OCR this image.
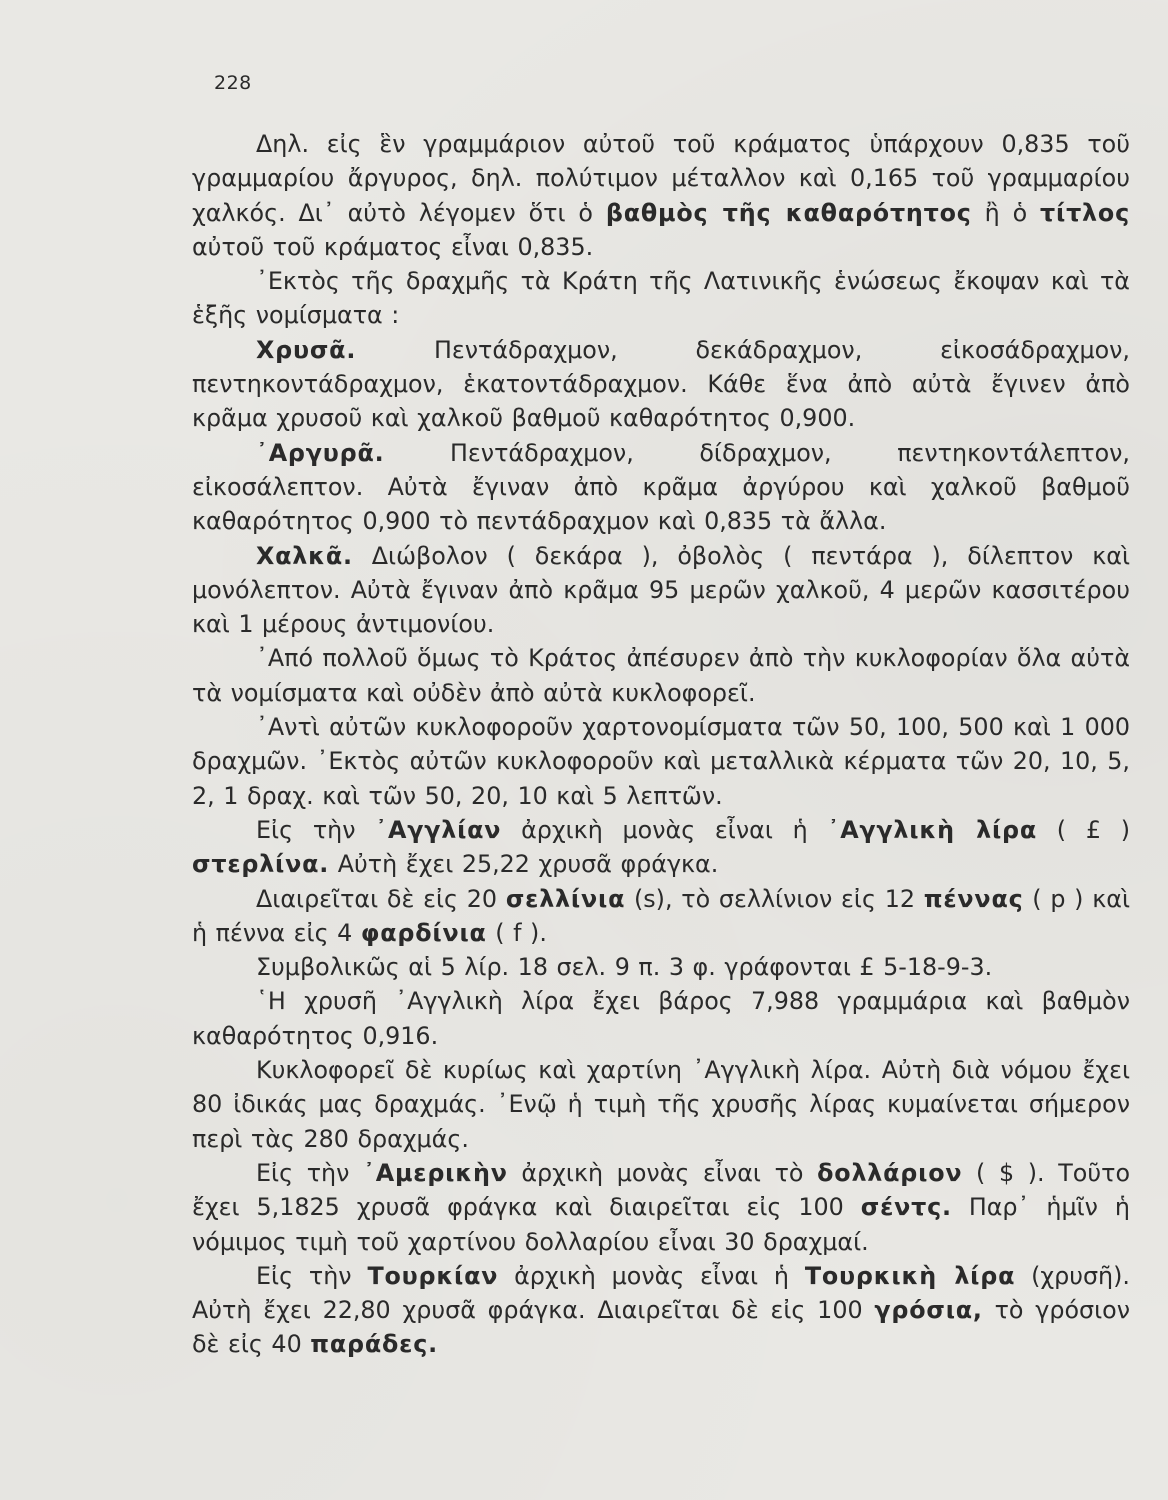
228

Δηλ. εἰς ἓν γραμμάριον αὐτοῦ τοῦ κράματος ὑπάρχουν 0,835 τοῦ γραμμαρίου ἄργυρος, δηλ. πολύτιμον μέταλλον καὶ 0,165 τοῦ γραμμαρίου χαλκός. Δι᾽ αὐτὸ λέγομεν ὅτι ὁ βαθμὸς τῆς καθαρότητος ἢ ὁ τίτλος αὐτοῦ τοῦ κράματος εἶναι 0,835.

᾽Εκτὸς τῆς δραχμῆς τὰ Κράτη τῆς Λατινικῆς ἑνώσεως ἔκοψαν καὶ τὰ ἑξῆς νομίσματα :

Χρυσᾶ. Πεντάδραχμον, δεκάδραχμον, εἰκοσάδραχμον, πεντηκοντάδραχμον, ἑκατοντάδραχμον. Κάθε ἕνα ἀπὸ αὐτὰ ἔγινεν ἀπὸ κρᾶμα χρυσοῦ καὶ χαλκοῦ βαθμοῦ καθαρότητος 0,900.

᾽Αργυρᾶ. Πεντάδραχμον, δίδραχμον, πεντηκοντάλεπτον, εἰκοσάλεπτον. Αὐτὰ ἔγιναν ἀπὸ κρᾶμα ἀργύρου καὶ χαλκοῦ βαθμοῦ καθαρότητος 0,900 τὸ πεντάδραχμον καὶ 0,835 τὰ ἄλλα.

Χαλκᾶ. Διώβολον ( δεκάρα ), ὀβολὸς ( πεντάρα ), δίλεπτον καὶ μονόλεπτον. Αὐτὰ ἔγιναν ἀπὸ κρᾶμα 95 μερῶν χαλκοῦ, 4 μερῶν κασσιτέρου καὶ 1 μέρους ἀντιμονίου.

᾽Από πολλοῦ ὅμως τὸ Κράτος ἀπέσυρεν ἀπὸ τὴν κυκλοφορίαν ὅλα αὐτὰ τὰ νομίσματα καὶ οὐδὲν ἀπὸ αὐτὰ κυκλοφορεῖ.

᾽Αντὶ αὐτῶν κυκλοφοροῦν χαρτονομίσματα τῶν 50, 100, 500 καὶ 1 000 δραχμῶν. ᾽Εκτὸς αὐτῶν κυκλοφοροῦν καὶ μεταλλικὰ κέρματα τῶν 20, 10, 5, 2, 1 δραχ. καὶ τῶν 50, 20, 10 καὶ 5 λεπτῶν.

Εἰς τὴν ᾽Αγγλίαν ἀρχικὴ μονὰς εἶναι ἡ ᾽Αγγλικὴ λίρα ( £ ) στερλίνα. Αὐτὴ ἔχει 25,22 χρυσᾶ φράγκα.

Διαιρεῖται δὲ εἰς 20 σελλίνια (s), τὸ σελλίνιον εἰς 12 πέννας ( p ) καὶ ἡ πέννα εἰς 4 φαρδίνια ( f ).

Συμβολικῶς αἱ 5 λίρ. 18 σελ. 9 π. 3 φ. γράφονται £ 5-18-9-3.

῾Η χρυσῆ ᾽Αγγλικὴ λίρα ἔχει βάρος 7,988 γραμμάρια καὶ βαθμὸν καθαρότητος 0,916.

Κυκλοφορεῖ δὲ κυρίως καὶ χαρτίνη ᾽Αγγλικὴ λίρα. Αὐτὴ διὰ νόμου ἔχει 80 ἰδικάς μας δραχμάς. ᾽Ενῷ ἡ τιμὴ τῆς χρυσῆς λίρας κυμαίνεται σήμερον περὶ τὰς 280 δραχμάς.

Εἰς τὴν ᾽Αμερικὴν ἀρχικὴ μονὰς εἶναι τὸ δολλάριον ( $ ). Τοῦτο ἔχει 5,1825 χρυσᾶ φράγκα καὶ διαιρεῖται εἰς 100 σέντς. Παρ᾽ ἡμῖν ἡ νόμιμος τιμὴ τοῦ χαρτίνου δολλαρίου εἶναι 30 δραχμαί.

Εἰς τὴν Τουρκίαν ἀρχικὴ μονὰς εἶναι ἡ Τουρκικὴ λίρα (χρυσῆ). Αὐτὴ ἔχει 22,80 χρυσᾶ φράγκα. Διαιρεῖται δὲ εἰς 100 γρόσια, τὸ γρόσιον δὲ εἰς 40 παράδες.
